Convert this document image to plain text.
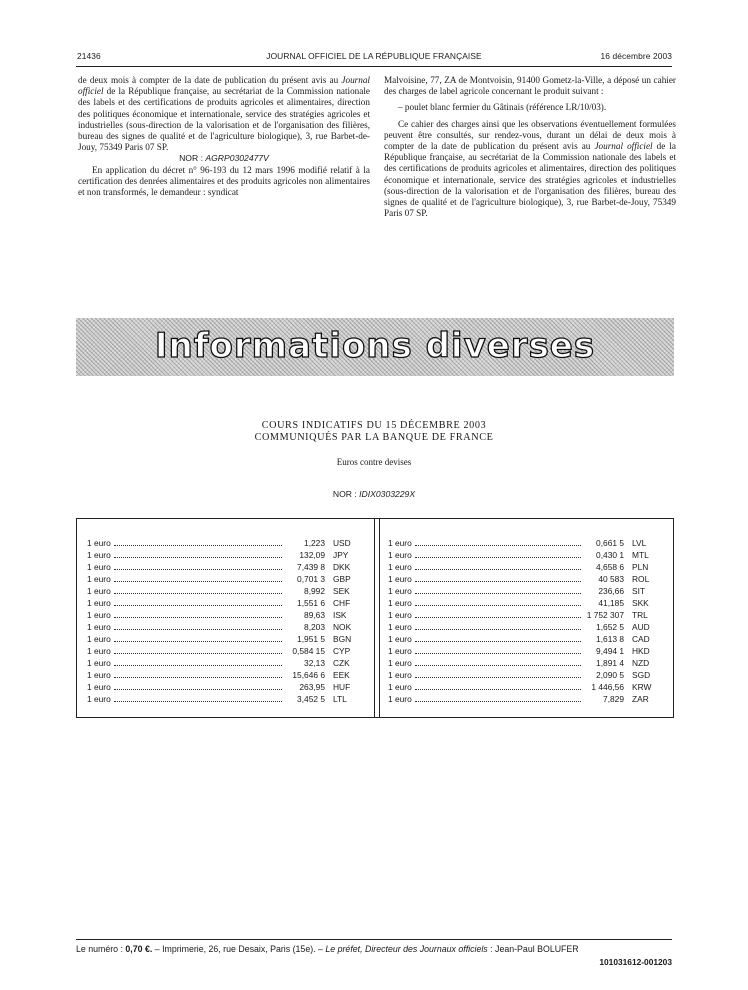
21436	JOURNAL OFFICIEL DE LA RÉPUBLIQUE FRANÇAISE	16 décembre 2003

de deux mois à compter de la date de publication du présent avis au Journal officiel de la République française, au secrétariat de la Commission nationale des labels et des certifications de produits agricoles et alimentaires, direction des politiques économique et internationale, service des stratégies agricoles et industrielles (sous-direction de la valorisation et de l'organisation des filières, bureau des signes de qualité et de l'agriculture biologique), 3, rue Barbet-de-Jouy, 75349 Paris 07 SP.

NOR : AGRP0302477V

En application du décret n° 96-193 du 12 mars 1996 modifié relatif à la certification des denrées alimentaires et des produits agricoles non alimentaires et non transformés, le demandeur : syndicat

Malvoisine, 77, ZA de Montvoisin, 91400 Gometz-la-Ville, a déposé un cahier des charges de label agricole concernant le produit suivant :

– poulet blanc fermier du Gâtinais (référence LR/10/03).

Ce cahier des charges ainsi que les observations éventuellement formulées peuvent être consultés, sur rendez-vous, durant un délai de deux mois à compter de la date de publication du présent avis au Journal officiel de la République française, au secrétariat de la Commission nationale des labels et des certifications de produits agricoles et alimentaires, direction des politiques économique et internationale, service des stratégies agricoles et industrielles (sous-direction de la valorisation et de l'organisation des filières, bureau des signes de qualité et de l'agriculture biologique), 3, rue Barbet-de-Jouy, 75349 Paris 07 SP.

Informations diverses
COURS INDICATIFS DU 15 DÉCEMBRE 2003
COMMUNIQUÉS PAR LA BANQUE DE FRANCE
Euros contre devises
NOR : IDIX0303229X
1 euro	1,223 USD
1 euro	132,09 JPY
1 euro	7,439 8 DKK
1 euro	0,701 3 GBP
1 euro	8,992 SEK
1 euro	1,551 6 CHF
1 euro	89,63 ISK
1 euro	8,203 NOK
1 euro	1,951 5 BGN
1 euro	0,584 15 CYP
1 euro	32,13 CZK
1 euro	15,646 6 EEK
1 euro	263,95 HUF
1 euro	3,452 5 LTL
1 euro	0,661 5 LVL
1 euro	0,430 1 MTL
1 euro	4,658 6 PLN
1 euro	40 583 ROL
1 euro	236,66 SIT
1 euro	41,185 SKK
1 euro	1 752 307 TRL
1 euro	1,652 5 AUD
1 euro	1,613 8 CAD
1 euro	9,494 1 HKD
1 euro	1,891 4 NZD
1 euro	2,090 5 SGD
1 euro	1 446,56 KRW
1 euro	7,829 ZAR
Le numéro : 0,70 €. – Imprimerie, 26, rue Desaix, Paris (15e). – Le préfet, Directeur des Journaux officiels : Jean-Paul BOLUFER
101031612-001203
